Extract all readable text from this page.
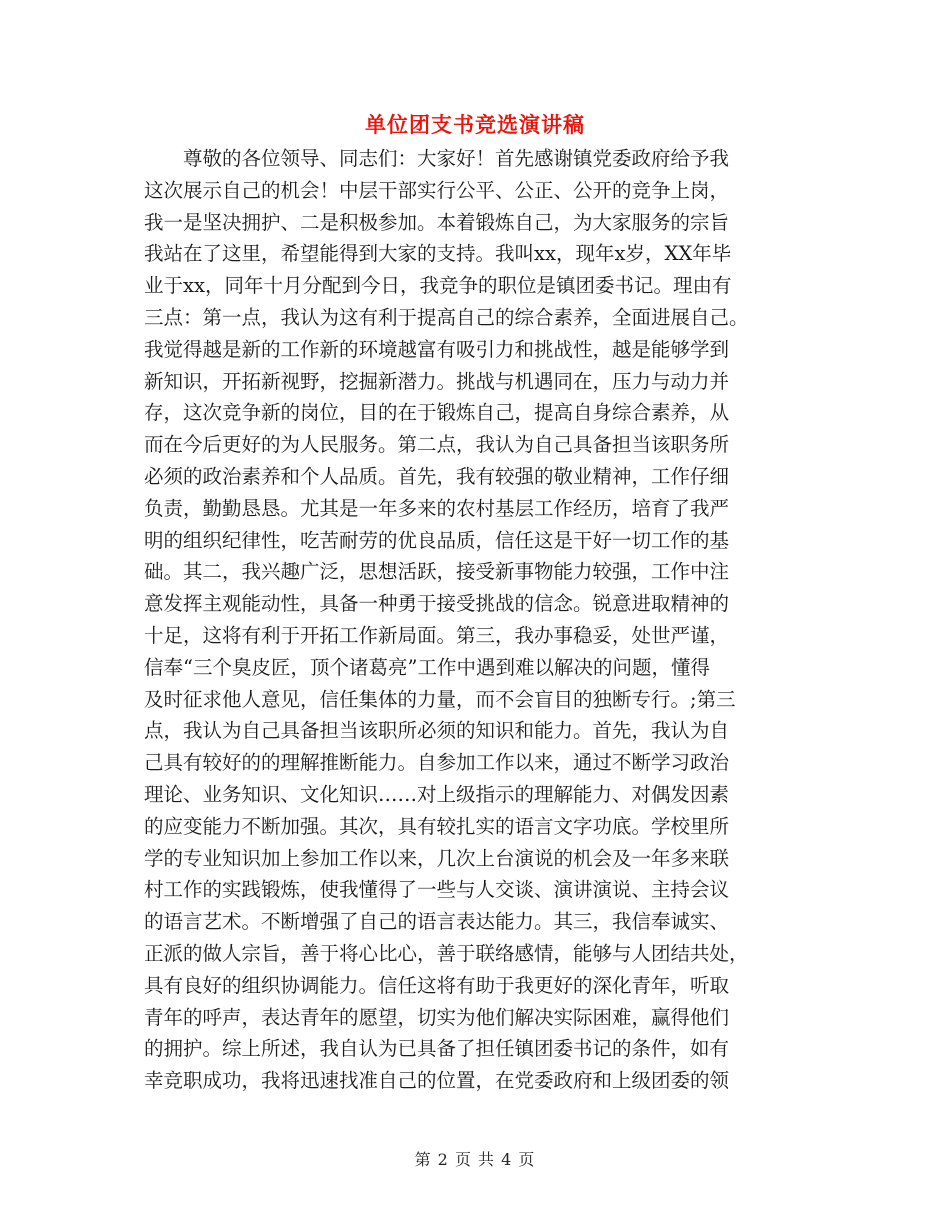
单位团支书竞选演讲稿
　　尊敬的各位领导、同志们：大家好！首先感谢镇党委政府给予我
这次展示自己的机会！中层干部实行公平、公正、公开的竞争上岗，
我一是坚决拥护、二是积极参加。本着锻炼自己，为大家服务的宗旨
我站在了这里，希望能得到大家的支持。我叫xx，现年x岁，XX年毕
业于xx，同年十月分配到今日，我竞争的职位是镇团委书记。理由有
三点：第一点，我认为这有利于提高自己的综合素养，全面进展自己。
我觉得越是新的工作新的环境越富有吸引力和挑战性，越是能够学到
新知识，开拓新视野，挖掘新潜力。挑战与机遇同在，压力与动力并
存，这次竞争新的岗位，目的在于锻炼自己，提高自身综合素养，从
而在今后更好的为人民服务。第二点，我认为自己具备担当该职务所
必须的政治素养和个人品质。首先，我有较强的敬业精神，工作仔细
负责，勤勤恳恳。尤其是一年多来的农村基层工作经历，培育了我严
明的组织纪律性，吃苦耐劳的优良品质，信任这是干好一切工作的基
础。其二，我兴趣广泛，思想活跃，接受新事物能力较强，工作中注
意发挥主观能动性，具备一种勇于接受挑战的信念。锐意进取精神的
十足，这将有利于开拓工作新局面。第三，我办事稳妥，处世严谨，
信奉“三个臭皮匠，顶个诸葛亮”工作中遇到难以解决的问题，懂得
及时征求他人意见，信任集体的力量，而不会盲目的独断专行。;第三
点，我认为自己具备担当该职所必须的知识和能力。首先，我认为自
己具有较好的的理解推断能力。自参加工作以来，通过不断学习政治
理论、业务知识、文化知识……对上级指示的理解能力、对偶发因素
的应变能力不断加强。其次，具有较扎实的语言文字功底。学校里所
学的专业知识加上参加工作以来，几次上台演说的机会及一年多来联
村工作的实践锻炼，使我懂得了一些与人交谈、演讲演说、主持会议
的语言艺术。不断增强了自己的语言表达能力。其三，我信奉诚实、
正派的做人宗旨，善于将心比心，善于联络感情，能够与人团结共处，
具有良好的组织协调能力。信任这将有助于我更好的深化青年，听取
青年的呼声，表达青年的愿望，切实为他们解决实际困难，赢得他们
的拥护。综上所述，我自认为已具备了担任镇团委书记的条件，如有
幸竞职成功，我将迅速找准自己的位置，在党委政府和上级团委的领
第 2 页 共 4 页
